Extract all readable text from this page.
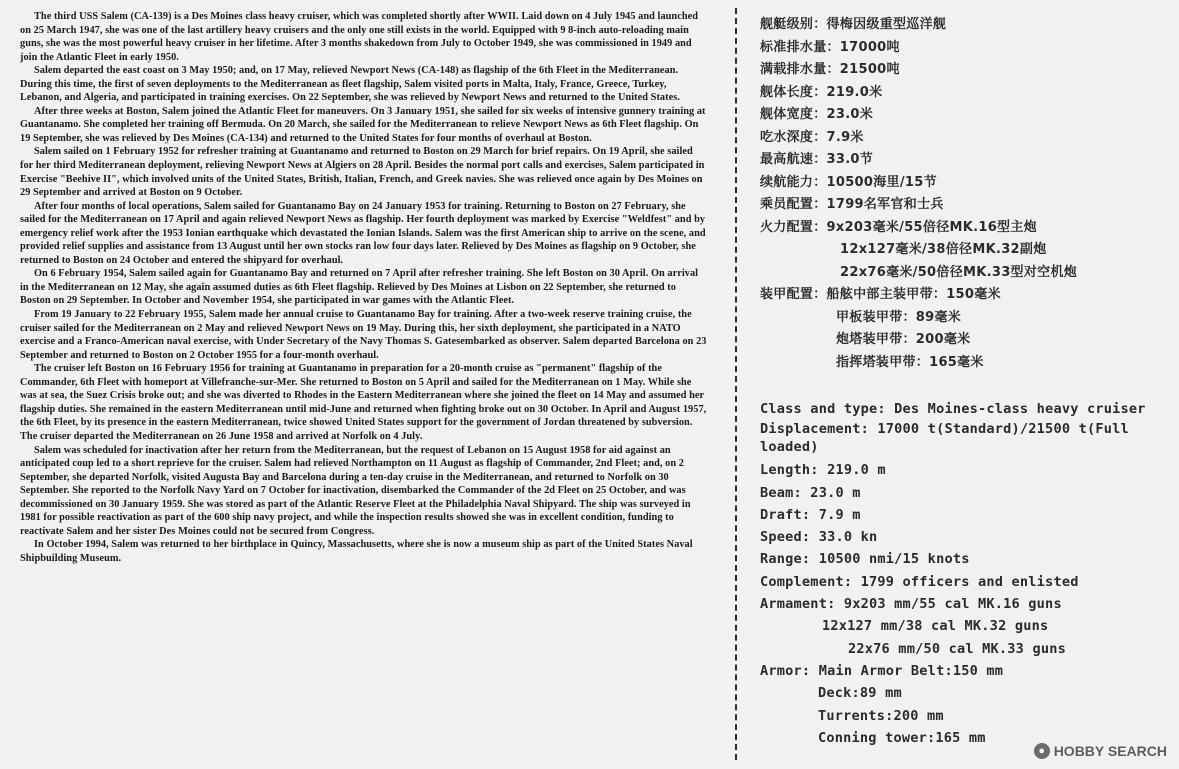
The third USS Salem (CA-139) is a Des Moines class heavy cruiser, which was completed shortly after WWII. Laid down on 4 July 1945 and launched on 25 March 1947, she was one of the last artillery heavy cruisers and the only one still exists in the world. Equipped with 9 8-inch auto-reloading main guns, she was the most powerful heavy cruiser in her lifetime. After 3 months shakedown from July to October 1949, she was commissioned in 1949 and join the Atlantic Fleet in early 1950.

Salem departed the east coast on 3 May 1950; and, on 17 May, relieved Newport News (CA-148) as flagship of the 6th Fleet in the Mediterranean. During this time, the first of seven deployments to the Mediterranean as fleet flagship, Salem visited ports in Malta, Italy, France, Greece, Turkey, Lebanon, and Algeria, and participated in training exercises. On 22 September, she was relieved by Newport News and returned to the United States.

After three weeks at Boston, Salem joined the Atlantic Fleet for maneuvers. On 3 January 1951, she sailed for six weeks of intensive gunnery training at Guantanamo. She completed her training off Bermuda. On 20 March, she sailed for the Mediterranean to relieve Newport News as 6th Fleet flagship. On 19 September, she was relieved by Des Moines (CA-134) and returned to the United States for four months of overhaul at Boston.

Salem sailed on 1 February 1952 for refresher training at Guantanamo and returned to Boston on 29 March for brief repairs. On 19 April, she sailed for her third Mediterranean deployment, relieving Newport News at Algiers on 28 April. Besides the normal port calls and exercises, Salem participated in Exercise "Beehive II", which involved units of the United States, British, Italian, French, and Greek navies. She was relieved once again by Des Moines on 29 September and arrived at Boston on 9 October.

After four months of local operations, Salem sailed for Guantanamo Bay on 24 January 1953 for training. Returning to Boston on 27 February, she sailed for the Mediterranean on 17 April and again relieved Newport News as flagship. Her fourth deployment was marked by Exercise "Weldfest" and by emergency relief work after the 1953 Ionian earthquake which devastated the Ionian Islands. Salem was the first American ship to arrive on the scene, and provided relief supplies and assistance from 13 August until her own stocks ran low four days later. Relieved by Des Moines as flagship on 9 October, she returned to Boston on 24 October and entered the shipyard for overhaul.

On 6 February 1954, Salem sailed again for Guantanamo Bay and returned on 7 April after refresher training. She left Boston on 30 April. On arrival in the Mediterranean on 12 May, she again assumed duties as 6th Fleet flagship. Relieved by Des Moines at Lisbon on 22 September, she returned to Boston on 29 September. In October and November 1954, she participated in war games with the Atlantic Fleet.

From 19 January to 22 February 1955, Salem made her annual cruise to Guantanamo Bay for training. After a two-week reserve training cruise, the cruiser sailed for the Mediterranean on 2 May and relieved Newport News on 19 May. During this, her sixth deployment, she participated in a NATO exercise and a Franco-American naval exercise, with Under Secretary of the Navy Thomas S. Gatesembarked as observer. Salem departed Barcelona on 23 September and returned to Boston on 2 October 1955 for a four-month overhaul.

The cruiser left Boston on 16 February 1956 for training at Guantanamo in preparation for a 20-month cruise as "permanent" flagship of the Commander, 6th Fleet with homeport at Villefranche-sur-Mer. She returned to Boston on 5 April and sailed for the Mediterranean on 1 May. While she was at sea, the Suez Crisis broke out; and she was diverted to Rhodes in the Eastern Mediterranean where she joined the fleet on 14 May and assumed her flagship duties. She remained in the eastern Mediterranean until mid-June and returned when fighting broke out on 30 October. In April and August 1957, the 6th Fleet, by its presence in the eastern Mediterranean, twice showed United States support for the government of Jordan threatened by subversion. The cruiser departed the Mediterranean on 26 June 1958 and arrived at Norfolk on 4 July.

Salem was scheduled for inactivation after her return from the Mediterranean, but the request of Lebanon on 15 August 1958 for aid against an anticipated coup led to a short reprieve for the cruiser. Salem had relieved Northampton on 11 August as flagship of Commander, 2nd Fleet; and, on 2 September, she departed Norfolk, visited Augusta Bay and Barcelona during a ten-day cruise in the Mediterranean, and returned to Norfolk on 30 September. She reported to the Norfolk Navy Yard on 7 October for inactivation, disembarked the Commander of the 2d Fleet on 25 October, and was decommissioned on 30 January 1959. She was stored as part of the Atlantic Reserve Fleet at the Philadelphia Naval Shipyard. The ship was surveyed in 1981 for possible reactivation as part of the 600 ship navy project, and while the inspection results showed she was in excellent condition, funding to reactivate Salem and her sister Des Moines could not be secured from Congress.

In October 1994, Salem was returned to her birthplace in Quincy, Massachusetts, where she is now a museum ship as part of the United States Naval Shipbuilding Museum.

舰艇级别：得梅因级重型巡洋舰
标准排水量：17000吨
满载排水量：21500吨
舰体长度：219.0米
舰体宽度：23.0米
吃水深度：7.9米
最高航速：33.0节
续航能力：10500海里/15节
乘员配置：1799名军官和士兵
火力配置：9x203毫米/55倍径MK.16型主炮
12x127毫米/38倍径MK.32副炮
22x76毫米/50倍径MK.33型对空机炮
装甲配置：船舷中部主装甲带：150毫米
甲板装甲带：89毫米
炮塔装甲带：200毫米
指挥塔装甲带：165毫米
Class and type: Des Moines-class heavy cruiser
Displacement: 17000 t(Standard)/21500 t(Full loaded)
Length: 219.0 m
Beam: 23.0 m
Draft: 7.9 m
Speed: 33.0 kn
Range: 10500 nmi/15 knots
Complement: 1799 officers and enlisted
Armament: 9x203 mm/55 cal MK.16 guns
12x127 mm/38 cal MK.32 guns
22x76 mm/50 cal MK.33 guns
Armor: Main Armor Belt:150 mm
Deck:89 mm
Turrents:200 mm
Conning tower:165 mm
● HOBBY SEARCH
